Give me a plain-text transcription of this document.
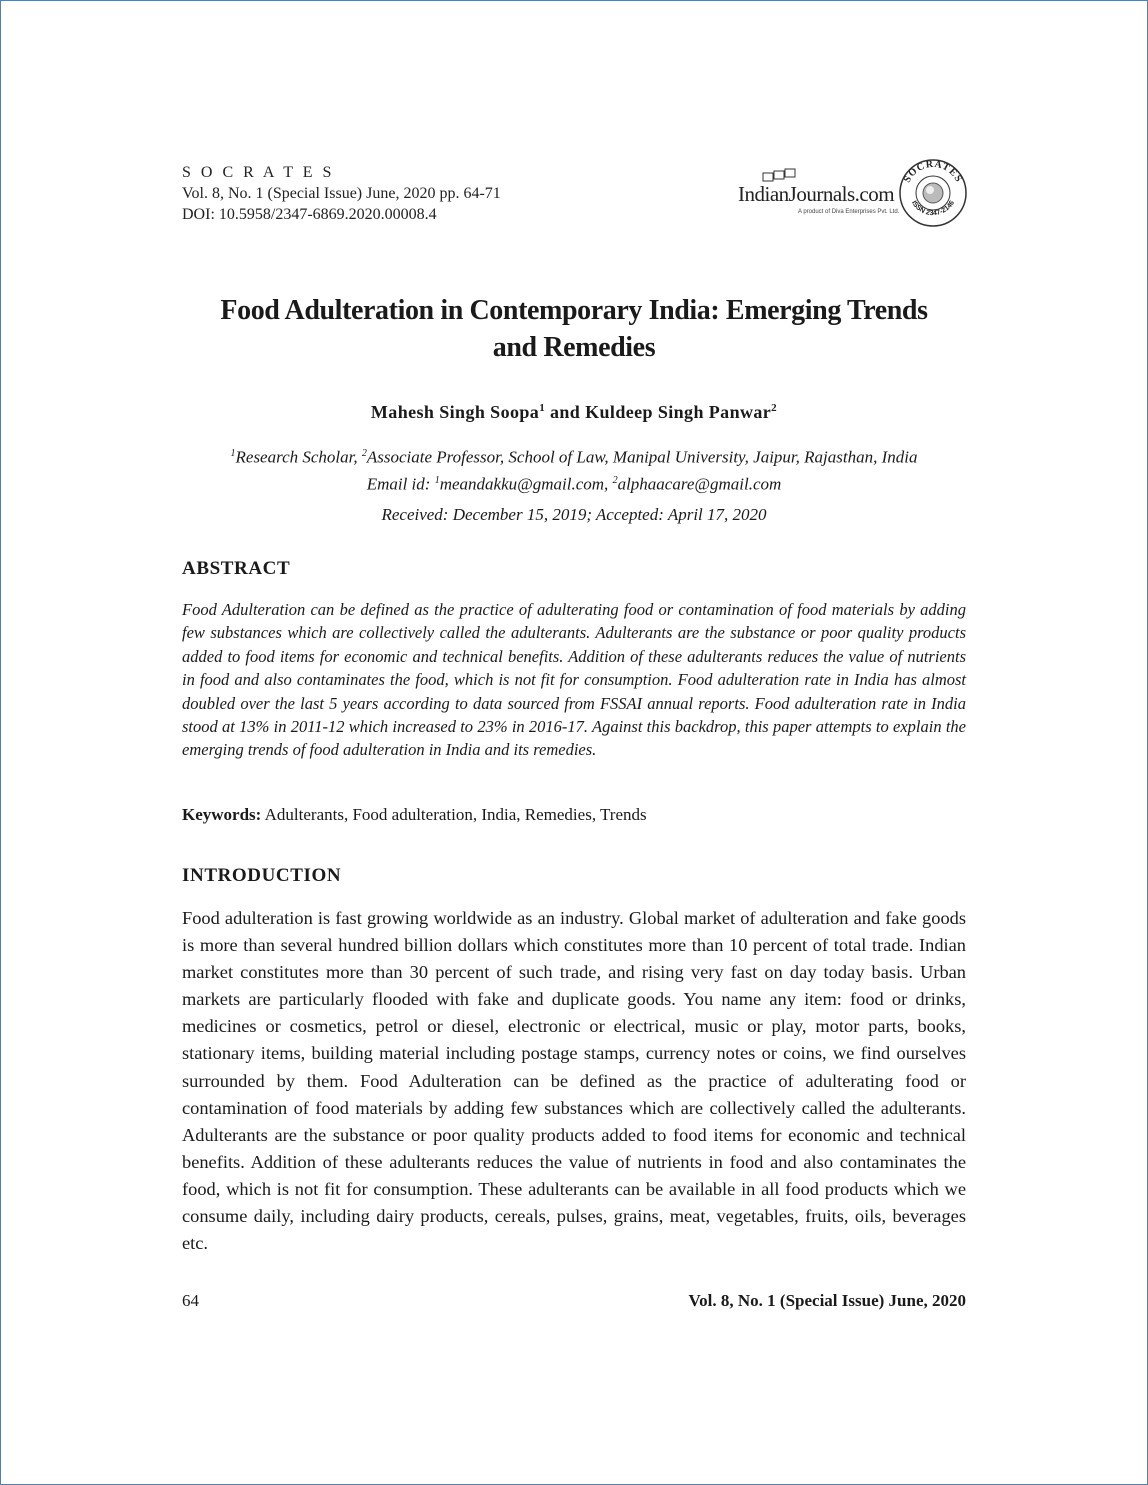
S O C R A T E S
Vol. 8, No. 1 (Special Issue) June, 2020 pp. 64-71
DOI: 10.5958/2347-6869.2020.00008.4
IndianJournals.com
A product of Diva Enterprises Pvt. Ltd.
SOCRATES
ISSN 2347-2146
Food Adulteration in Contemporary India: Emerging Trends
and Remedies
Mahesh Singh Soopa$^1$ and Kuldeep Singh Panwar$^2$
$^1$Research Scholar, $^2$Associate Professor, School of Law, Manipal University, Jaipur, Rajasthan, India
Email id: $^1$meandakku@gmail.com, $^2$alphaacare@gmail.com
Received: December 15, 2019; Accepted: April 17, 2020
ABSTRACT
Food Adulteration can be defined as the practice of adulterating food or contamination of food materials by adding few substances which are collectively called the adulterants. Adulterants are the substance or poor quality products added to food items for economic and technical benefits. Addition of these adulterants reduces the value of nutrients in food and also contaminates the food, which is not fit for consumption. Food adulteration rate in India has almost doubled over the last 5 years according to data sourced from FSSAI annual reports. Food adulteration rate in India stood at 13% in 2011-12 which increased to 23% in 2016-17. Against this backdrop, this paper attempts to explain the emerging trends of food adulteration in India and its remedies.
Keywords: Adulterants, Food adulteration, India, Remedies, Trends
INTRODUCTION
Food adulteration is fast growing worldwide as an industry. Global market of adulteration and fake goods is more than several hundred billion dollars which constitutes more than 10 percent of total trade. Indian market constitutes more than 30 percent of such trade, and rising very fast on day today basis. Urban markets are particularly flooded with fake and duplicate goods. You name any item: food or drinks, medicines or cosmetics, petrol or diesel, electronic or electrical, music or play, motor parts, books, stationary items, building material including postage stamps, currency notes or coins, we find ourselves surrounded by them. Food Adulteration can be defined as the practice of adulterating food or contamination of food materials by adding few substances which are collectively called the adulterants. Adulterants are the substance or poor quality products added to food items for economic and technical benefits. Addition of these adulterants reduces the value of nutrients in food and also contaminates the food, which is not fit for consumption. These adulterants can be available in all food products which we consume daily, including dairy products, cereals, pulses, grains, meat, vegetables, fruits, oils, beverages etc.
64	Vol. 8, No. 1 (Special Issue) June, 2020
